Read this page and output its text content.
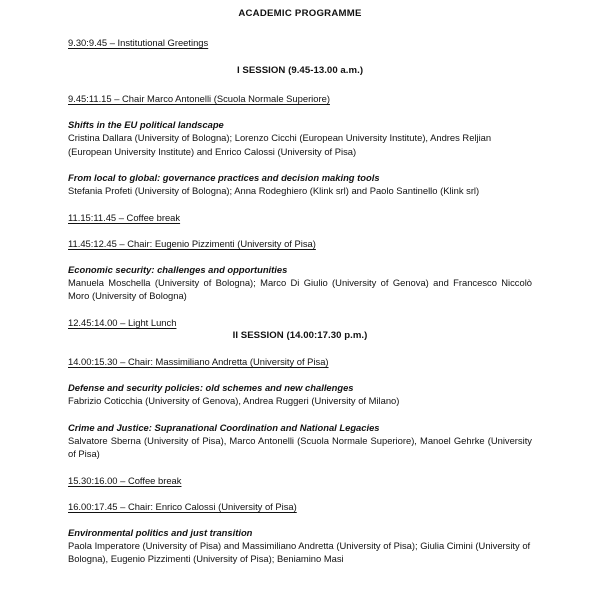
ACADEMIC PROGRAMME

9.30:9.45 – Institutional Greetings

I SESSION (9.45-13.00 a.m.)

9.45:11.15 – Chair Marco Antonelli (Scuola Normale Superiore)

Shifts in the EU political landscape

Cristina Dallara (University of Bologna); Lorenzo Cicchi (European University Institute), Andres Reljian (European University Institute) and Enrico Calossi (University of Pisa)

From local to global: governance practices and decision making tools

Stefania Profeti (University of Bologna); Anna Rodeghiero (Klink srl) and Paolo Santinello (Klink srl)

11.15:11.45 – Coffee break

11.45:12.45 – Chair: Eugenio Pizzimenti (University of Pisa)

Economic security: challenges and opportunities

Manuela Moschella (University of Bologna); Marco Di Giulio (University of Genova) and Francesco Niccolò Moro (University of Bologna)

12.45:14.00 – Light Lunch

II SESSION (14.00:17.30 p.m.)

14.00:15.30 – Chair: Massimiliano Andretta (University of Pisa)

Defense and security policies: old schemes and new challenges

Fabrizio Coticchia (University of Genova), Andrea Ruggeri (University of Milano)

Crime and Justice: Supranational Coordination and National Legacies

Salvatore Sberna (University of Pisa), Marco Antonelli (Scuola Normale Superiore), Manoel Gehrke (University of Pisa)

15.30:16.00 – Coffee break

16.00:17.45 – Chair: Enrico Calossi (University of Pisa)

Environmental politics and just transition

Paola Imperatore (University of Pisa) and Massimiliano Andretta (University of Pisa); Giulia Cimini (University of Bologna), Eugenio Pizzimenti (University of Pisa); Beniamino Masi
